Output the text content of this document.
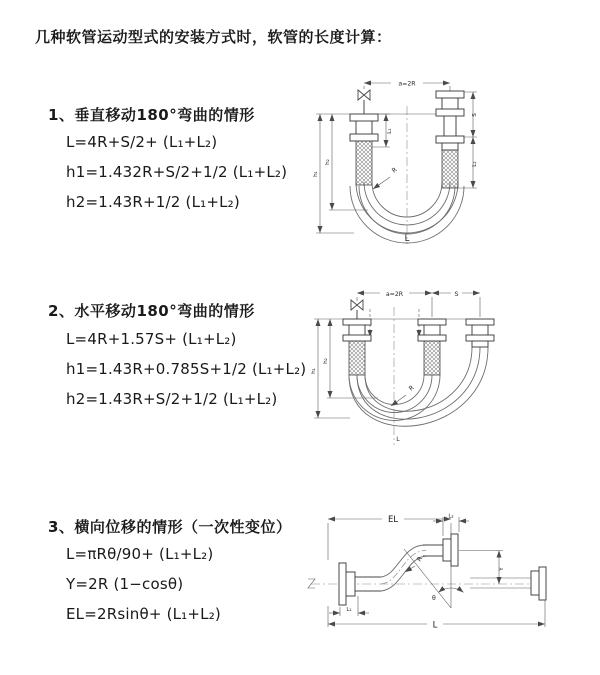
几种软管运动型式的安装方式时，软管的长度计算：
1、垂直移动180°弯曲的情形
L=4R+S/2+ (L₁+L₂)
h1=1.432R+S/2+1/2 (L₁+L₂)
h2=1.43R+1/2 (L₁+L₂)
2、水平移动180°弯曲的情形
L=4R+1.57S+ (L₁+L₂)
h1=1.43R+0.785S+1/2 (L₁+L₂)
h2=1.43R+S/2+1/2 (L₁+L₂)
3、横向位移的情形（一次性变位）
L=πRθ/90+ (L₁+L₂)
Y=2R (1−cosθ)
EL=2Rsinθ+ (L₁+L₂)
a=2R
h₁
h₂
L₁
S
L₂
R
L
a=2R	S
h₁
h₂
R
L
EL	L₂
Y
θ
R
L₁
L
